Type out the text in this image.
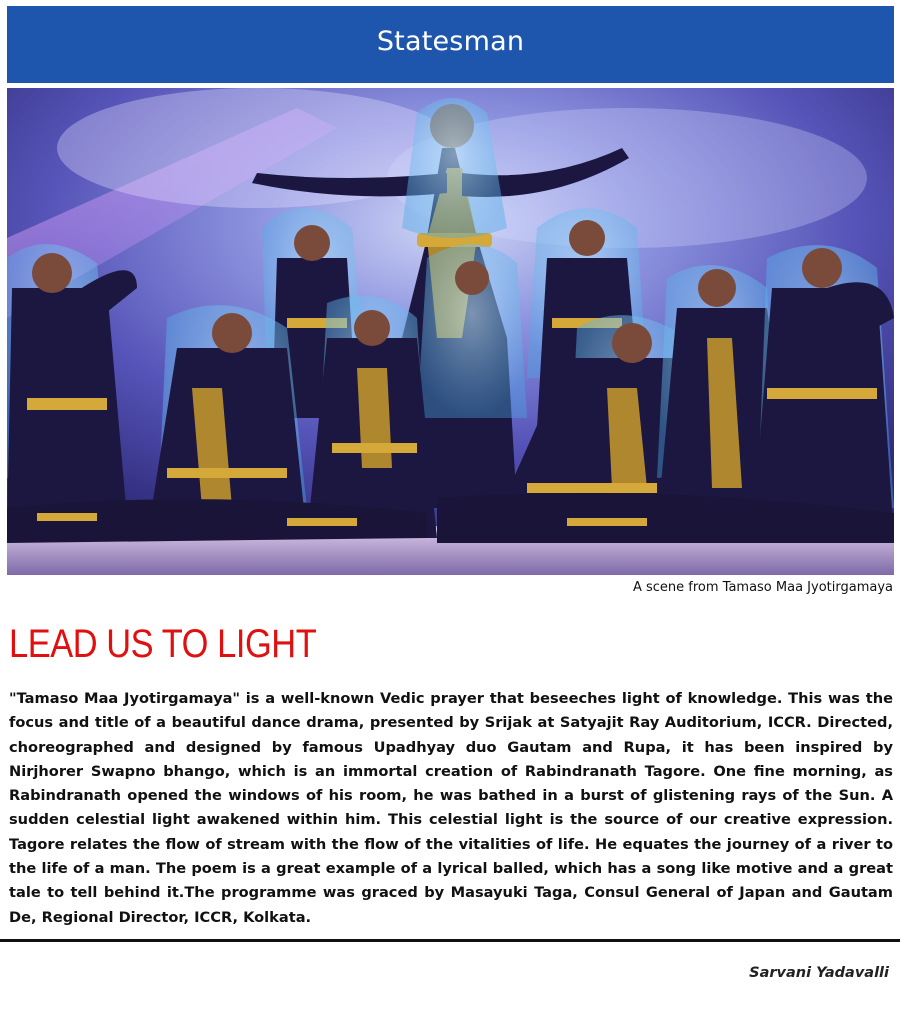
Statesman
A scene from Tamaso Maa Jyotirgamaya
LEAD US TO LIGHT

"Tamaso Maa Jyotirgamaya" is a well-known Vedic prayer that beseeches light of knowledge. This was the focus and title of a beautiful dance drama, presented by Srijak at Satyajit Ray Auditorium, ICCR. Directed, choreographed and designed by famous Upadhyay duo Gautam and Rupa, it has been inspired by Nirjhorer Swapno bhango, which is an immortal creation of Rabindranath Tagore. One fine morning, as Rabindranath opened the windows of his room, he was bathed in a burst of glistening rays of the Sun. A sudden celestial light awakened within him. This celestial light is the source of our creative expression. Tagore relates the flow of stream with the flow of the vitalities of life. He equates the journey of a river to the life of a man. The poem is a great example of a lyrical balled, which has a song like motive and a great tale to tell behind it.The programme was graced by Masayuki Taga, Consul General of Japan and Gautam De, Regional Director, ICCR, Kolkata.

Sarvani Yadavalli
